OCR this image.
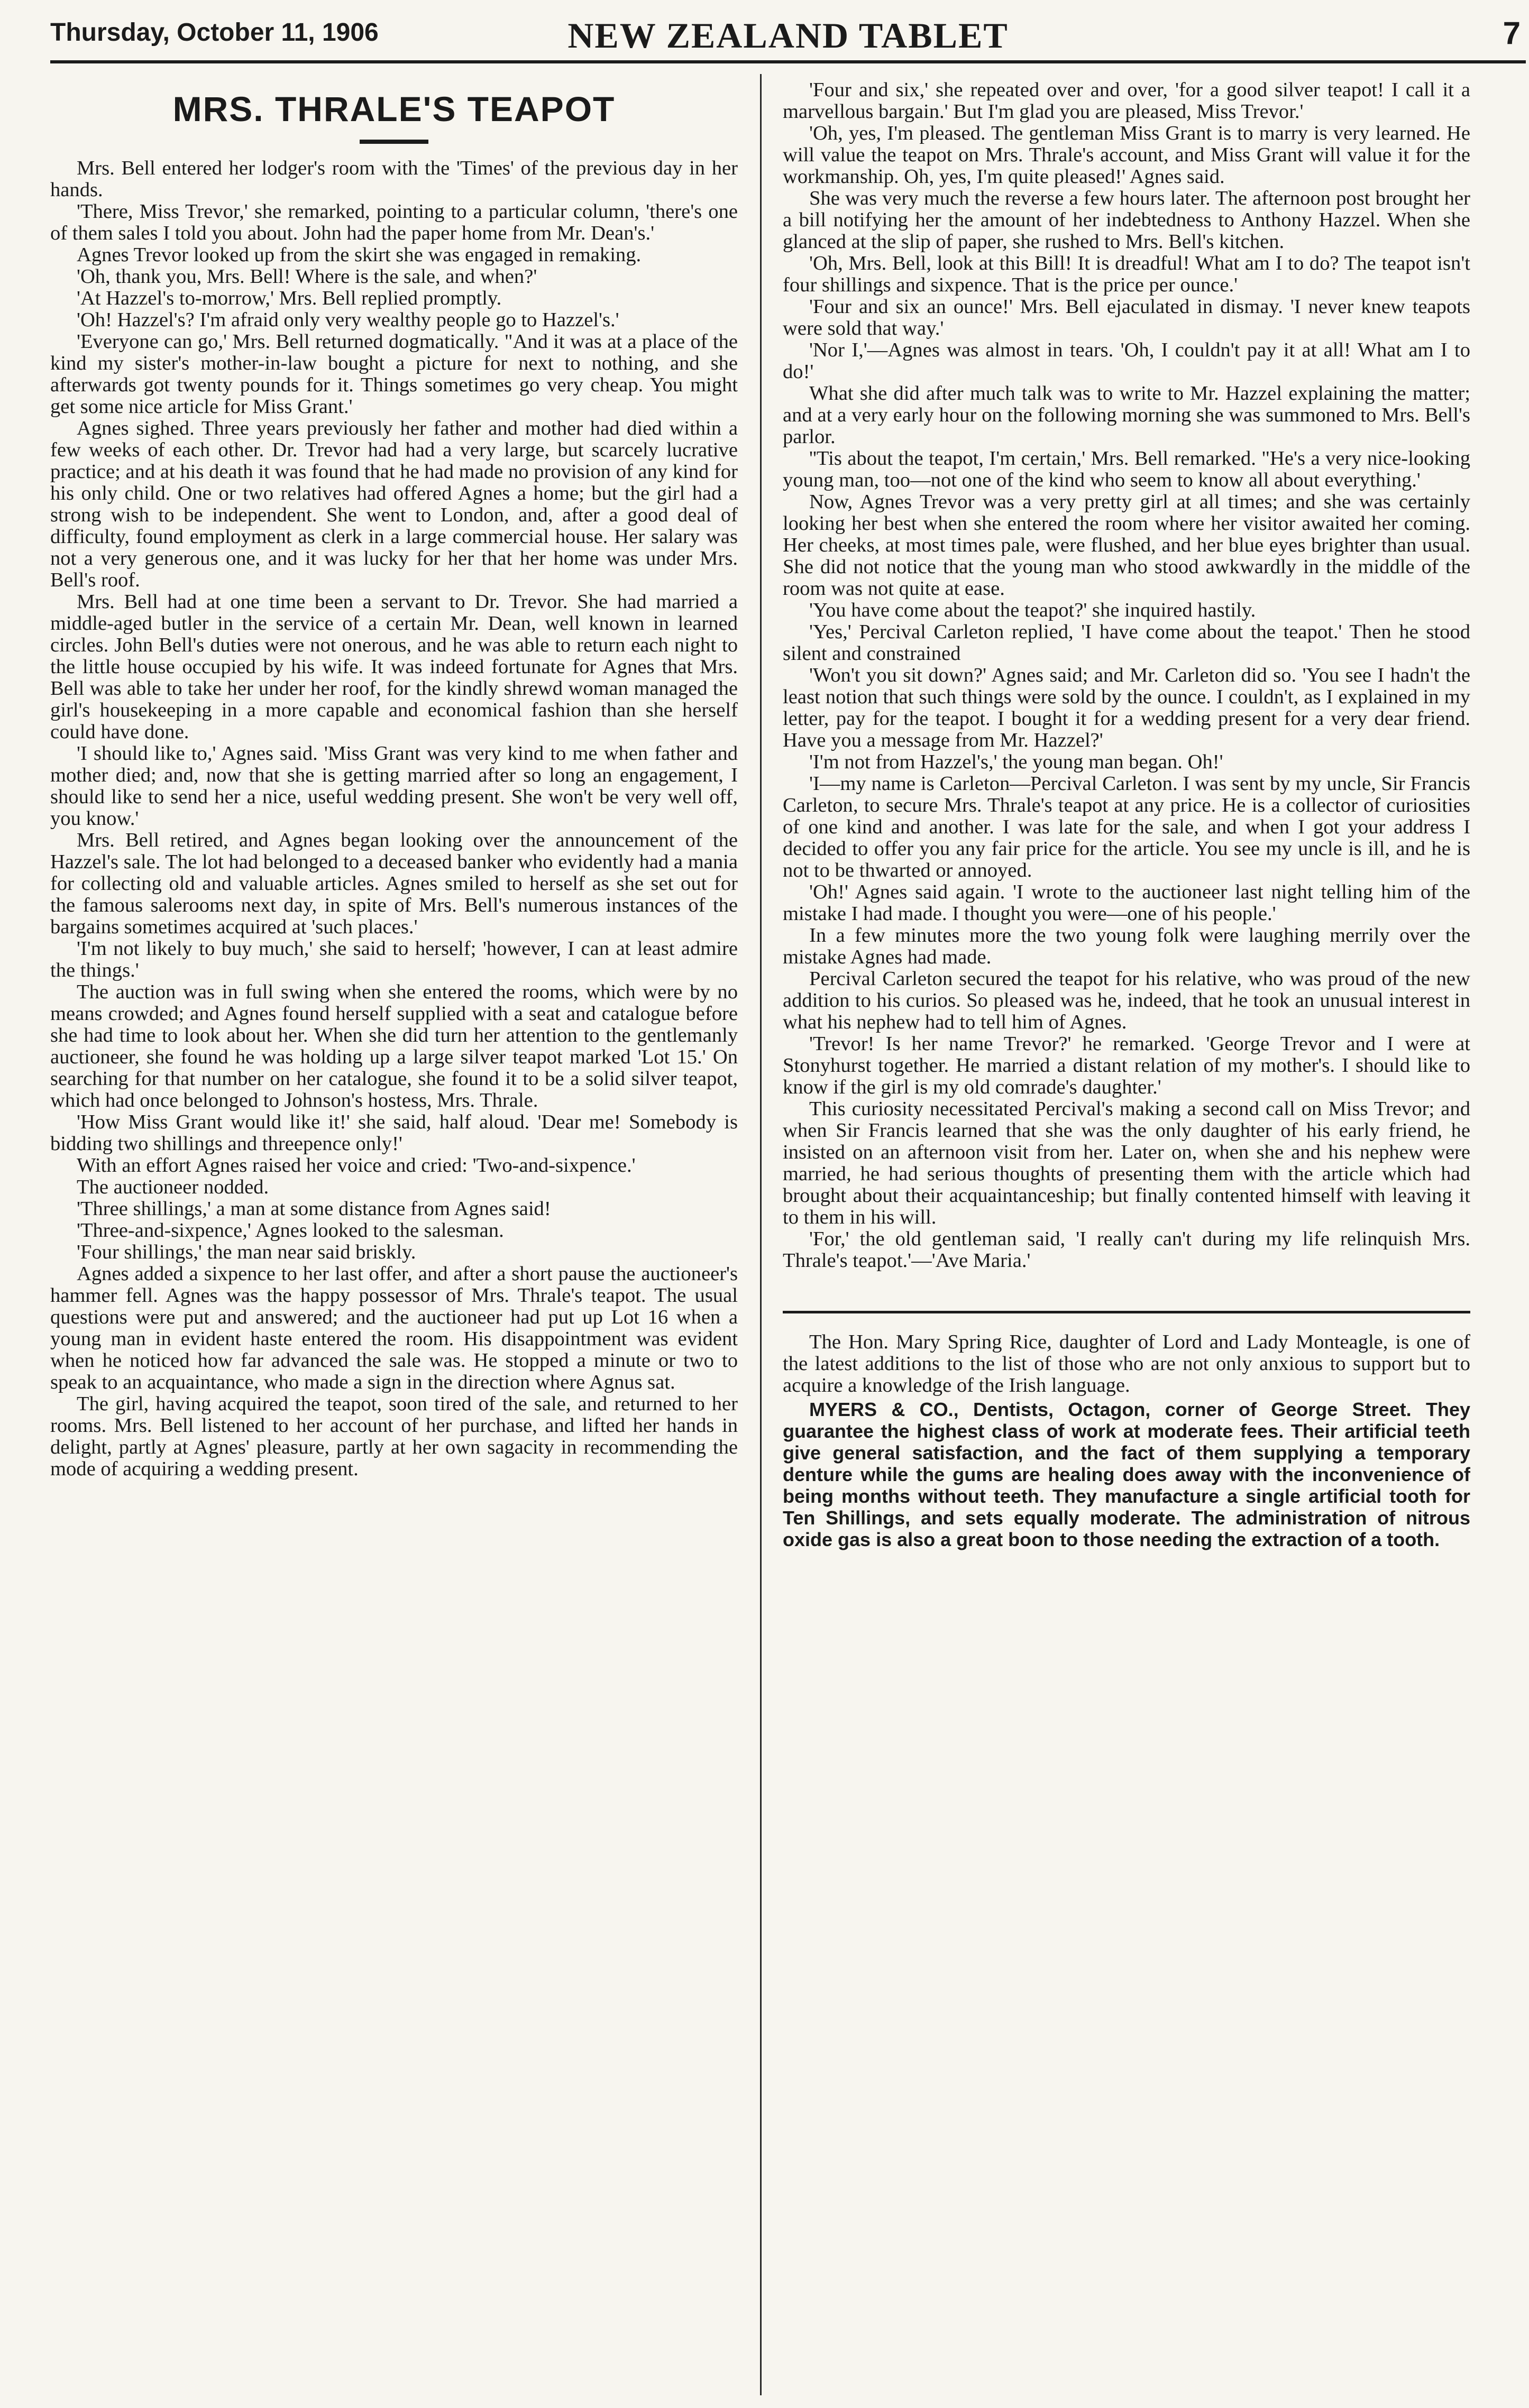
Thursday, October 11, 1906	NEW ZEALAND TABLET	7
MRS. THRALE'S TEAPOT

Mrs. Bell entered her lodger's room with the 'Times' of the previous day in her hands.

'There, Miss Trevor,' she remarked, pointing to a particular column, 'there's one of them sales I told you about. John had the paper home from Mr. Dean's.'

Agnes Trevor looked up from the skirt she was engaged in remaking.

'Oh, thank you, Mrs. Bell! Where is the sale, and when?'

'At Hazzel's to-morrow,' Mrs. Bell replied promptly.

'Oh! Hazzel's? I'm afraid only very wealthy people go to Hazzel's.'

'Everyone can go,' Mrs. Bell returned dogmatically. "And it was at a place of the kind my sister's mother-in-law bought a picture for next to nothing, and she afterwards got twenty pounds for it. Things sometimes go very cheap. You might get some nice article for Miss Grant.'

Agnes sighed. Three years previously her father and mother had died within a few weeks of each other. Dr. Trevor had had a very large, but scarcely lucrative practice; and at his death it was found that he had made no provision of any kind for his only child. One or two relatives had offered Agnes a home; but the girl had a strong wish to be independent. She went to London, and, after a good deal of difficulty, found employment as clerk in a large commercial house. Her salary was not a very generous one, and it was lucky for her that her home was under Mrs. Bell's roof.

Mrs. Bell had at one time been a servant to Dr. Trevor. She had married a middle-aged butler in the service of a certain Mr. Dean, well known in learned circles. John Bell's duties were not onerous, and he was able to return each night to the little house occupied by his wife. It was indeed fortunate for Agnes that Mrs. Bell was able to take her under her roof, for the kindly shrewd woman managed the girl's housekeeping in a more capable and economical fashion than she herself could have done.

'I should like to,' Agnes said. 'Miss Grant was very kind to me when father and mother died; and, now that she is getting married after so long an engagement, I should like to send her a nice, useful wedding present. She won't be very well off, you know.'

Mrs. Bell retired, and Agnes began looking over the announcement of the Hazzel's sale. The lot had belonged to a deceased banker who evidently had a mania for collecting old and valuable articles. Agnes smiled to herself as she set out for the famous salerooms next day, in spite of Mrs. Bell's numerous instances of the bargains sometimes acquired at 'such places.'

'I'm not likely to buy much,' she said to herself; 'however, I can at least admire the things.'

The auction was in full swing when she entered the rooms, which were by no means crowded; and Agnes found herself supplied with a seat and catalogue before she had time to look about her. When she did turn her attention to the gentlemanly auctioneer, she found he was holding up a large silver teapot marked 'Lot 15.' On searching for that number on her catalogue, she found it to be a solid silver teapot, which had once belonged to Johnson's hostess, Mrs. Thrale.

'How Miss Grant would like it!' she said, half aloud. 'Dear me! Somebody is bidding two shillings and threepence only!'

With an effort Agnes raised her voice and cried: 'Two-and-sixpence.'

The auctioneer nodded.

'Three shillings,' a man at some distance from Agnes said!

'Three-and-sixpence,' Agnes looked to the salesman.

'Four shillings,' the man near said briskly.

Agnes added a sixpence to her last offer, and after a short pause the auctioneer's hammer fell. Agnes was the happy possessor of Mrs. Thrale's teapot. The usual questions were put and answered; and the auctioneer had put up Lot 16 when a young man in evident haste entered the room. His disappointment was evident when he noticed how far advanced the sale was. He stopped a minute or two to speak to an acquaintance, who made a sign in the direction where Agnus sat.

The girl, having acquired the teapot, soon tired of the sale, and returned to her rooms. Mrs. Bell listened to her account of her purchase, and lifted her hands in delight, partly at Agnes' pleasure, partly at her own sagacity in recommending the mode of acquiring a wedding present.

'Four and six,' she repeated over and over, 'for a good silver teapot! I call it a marvellous bargain.' But I'm glad you are pleased, Miss Trevor.'

'Oh, yes, I'm pleased. The gentleman Miss Grant is to marry is very learned. He will value the teapot on Mrs. Thrale's account, and Miss Grant will value it for the workmanship. Oh, yes, I'm quite pleased!' Agnes said.

She was very much the reverse a few hours later. The afternoon post brought her a bill notifying her the amount of her indebtedness to Anthony Hazzel. When she glanced at the slip of paper, she rushed to Mrs. Bell's kitchen.

'Oh, Mrs. Bell, look at this Bill! It is dreadful! What am I to do? The teapot isn't four shillings and sixpence. That is the price per ounce.'

'Four and six an ounce!' Mrs. Bell ejaculated in dismay. 'I never knew teapots were sold that way.'

'Nor I,'—Agnes was almost in tears. 'Oh, I couldn't pay it at all! What am I to do!'

What she did after much talk was to write to Mr. Hazzel explaining the matter; and at a very early hour on the following morning she was summoned to Mrs. Bell's parlor.

''Tis about the teapot, I'm certain,' Mrs. Bell remarked. "He's a very nice-looking young man, too—not one of the kind who seem to know all about everything.'

Now, Agnes Trevor was a very pretty girl at all times; and she was certainly looking her best when she entered the room where her visitor awaited her coming. Her cheeks, at most times pale, were flushed, and her blue eyes brighter than usual. She did not notice that the young man who stood awkwardly in the middle of the room was not quite at ease.

'You have come about the teapot?' she inquired hastily.

'Yes,' Percival Carleton replied, 'I have come about the teapot.' Then he stood silent and constrained

'Won't you sit down?' Agnes said; and Mr. Carleton did so. 'You see I hadn't the least notion that such things were sold by the ounce. I couldn't, as I explained in my letter, pay for the teapot. I bought it for a wedding present for a very dear friend. Have you a message from Mr. Hazzel?'

'I'm not from Hazzel's,' the young man began. Oh!'

'I—my name is Carleton—Percival Carleton. I was sent by my uncle, Sir Francis Carleton, to secure Mrs. Thrale's teapot at any price. He is a collector of curiosities of one kind and another. I was late for the sale, and when I got your address I decided to offer you any fair price for the article. You see my uncle is ill, and he is not to be thwarted or annoyed.

'Oh!' Agnes said again. 'I wrote to the auctioneer last night telling him of the mistake I had made. I thought you were—one of his people.'

In a few minutes more the two young folk were laughing merrily over the mistake Agnes had made.

Percival Carleton secured the teapot for his relative, who was proud of the new addition to his curios. So pleased was he, indeed, that he took an unusual interest in what his nephew had to tell him of Agnes.

'Trevor! Is her name Trevor?' he remarked. 'George Trevor and I were at Stonyhurst together. He married a distant relation of my mother's. I should like to know if the girl is my old comrade's daughter.'

This curiosity necessitated Percival's making a second call on Miss Trevor; and when Sir Francis learned that she was the only daughter of his early friend, he insisted on an afternoon visit from her. Later on, when she and his nephew were married, he had serious thoughts of presenting them with the article which had brought about their acquaintanceship; but finally contented himself with leaving it to them in his will.

'For,' the old gentleman said, 'I really can't during my life relinquish Mrs. Thrale's teapot.'—'Ave Maria.'

The Hon. Mary Spring Rice, daughter of Lord and Lady Monteagle, is one of the latest additions to the list of those who are not only anxious to support but to acquire a knowledge of the Irish language.

MYERS & CO., Dentists, Octagon, corner of George Street. They guarantee the highest class of work at moderate fees. Their artificial teeth give general satisfaction, and the fact of them supplying a temporary denture while the gums are healing does away with the inconvenience of being months without teeth. They manufacture a single artificial tooth for Ten Shillings, and sets equally moderate. The administration of nitrous oxide gas is also a great boon to those needing the extraction of a tooth.
